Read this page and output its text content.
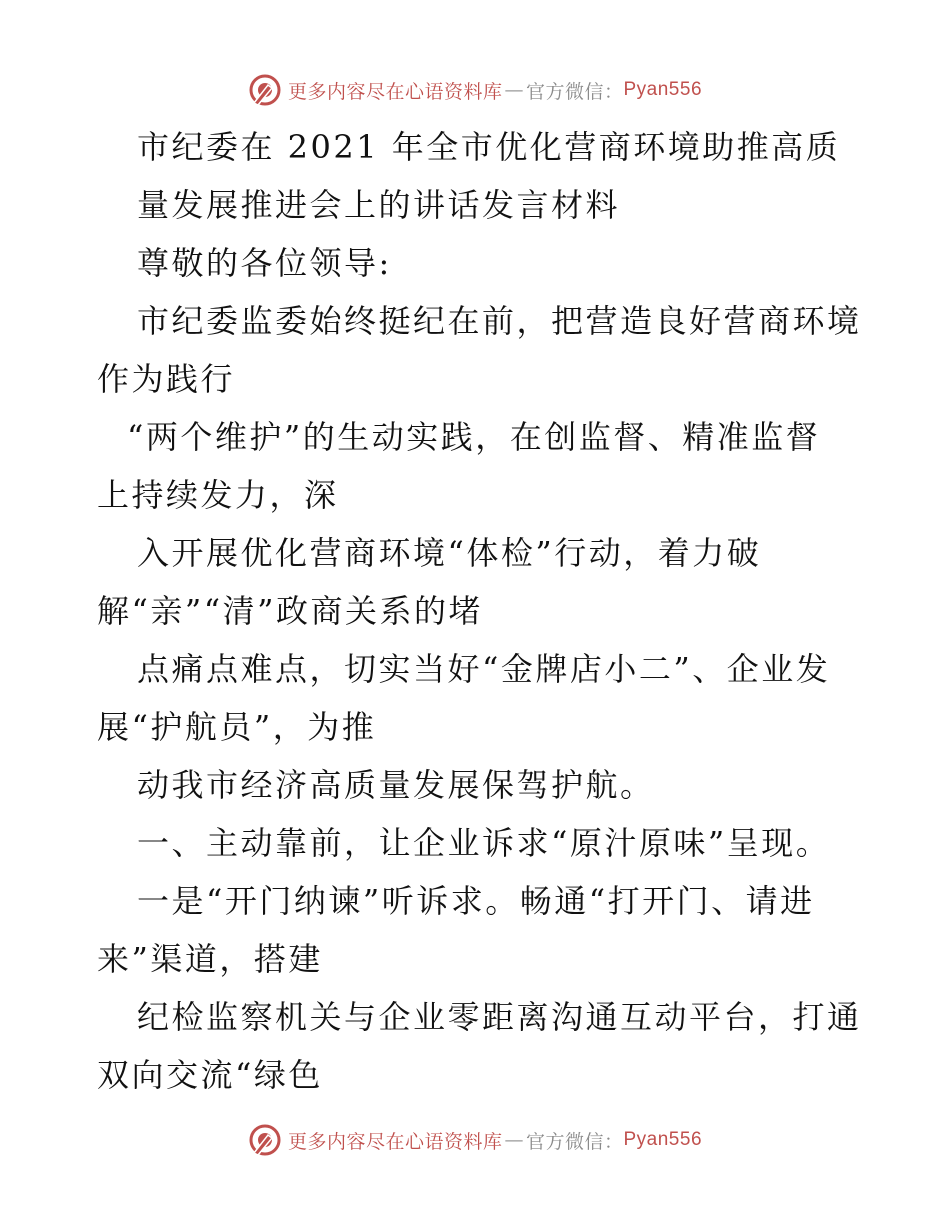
更多内容尽在心语资料库 — 官方微信： Pyan556
市纪委在 2021 年全市优化营商环境助推高质
量发展推进会上的讲话发言材料
尊敬的各位领导:
市纪委监委始终挺纪在前，把营造良好营商环境
作为践行
“两个维护”的生动实践，在创监督、精准监督
上持续发力，深
入开展优化营商环境“体检”行动，着力破
解“亲”“清”政商关系的堵
点痛点难点，切实当好“金牌店小二”、企业发
展“护航员”，为推
动我市经济高质量发展保驾护航。
一、主动靠前，让企业诉求“原汁原味”呈现。
一是“开门纳谏”听诉求。畅通“打开门、请进
来”渠道，搭建
纪检监察机关与企业零距离沟通互动平台，打通
双向交流“绿色
更多内容尽在心语资料库 — 官方微信： Pyan556
